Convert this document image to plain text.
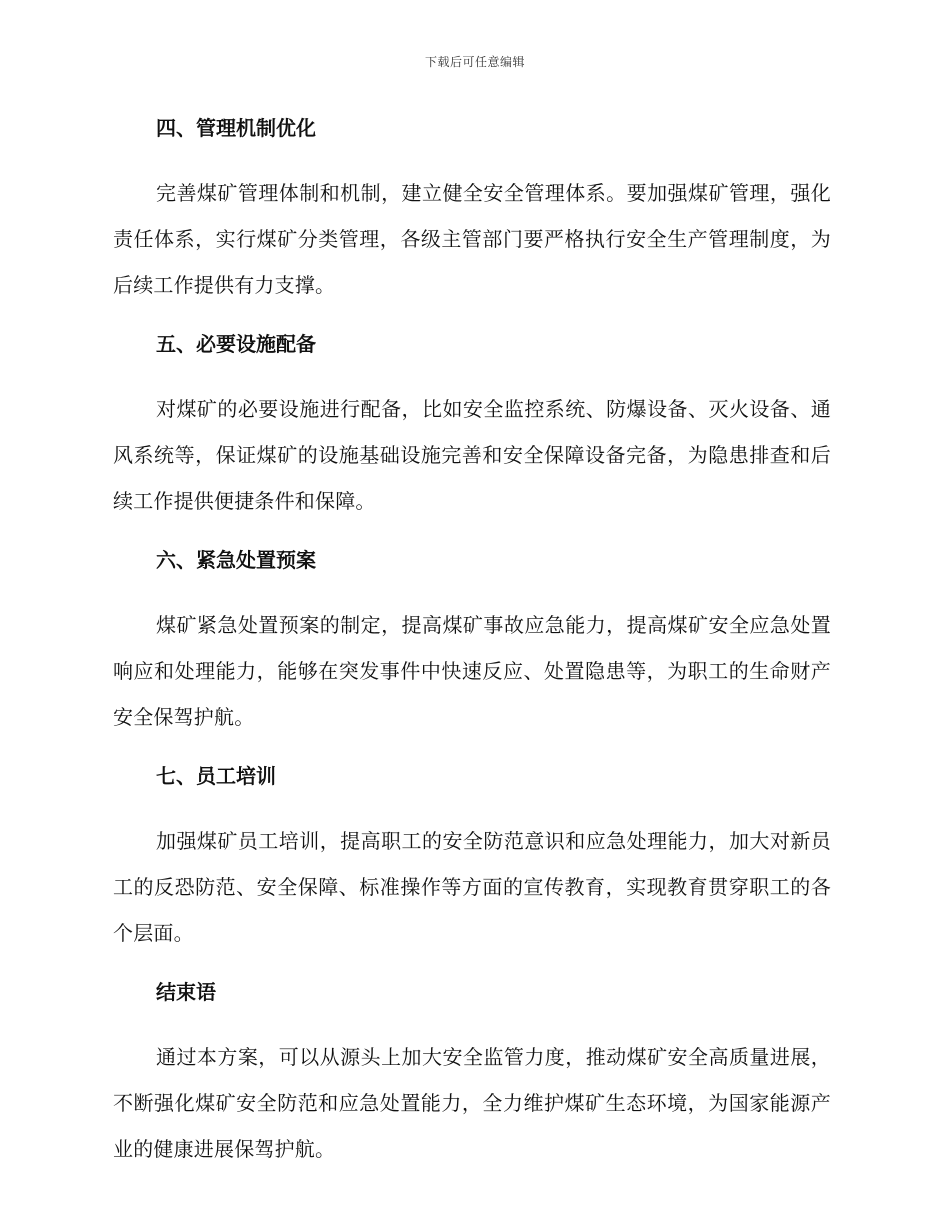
下载后可任意编辑
四、管理机制优化

完善煤矿管理体制和机制，建立健全安全管理体系。要加强煤矿管理，强化责任体系，实行煤矿分类管理，各级主管部门要严格执行安全生产管理制度，为后续工作提供有力支撑。

五、必要设施配备

对煤矿的必要设施进行配备，比如安全监控系统、防爆设备、灭火设备、通风系统等，保证煤矿的设施基础设施完善和安全保障设备完备，为隐患排查和后续工作提供便捷条件和保障。

六、紧急处置预案

煤矿紧急处置预案的制定，提高煤矿事故应急能力，提高煤矿安全应急处置响应和处理能力，能够在突发事件中快速反应、处置隐患等，为职工的生命财产安全保驾护航。

七、员工培训

加强煤矿员工培训，提高职工的安全防范意识和应急处理能力，加大对新员工的反恐防范、安全保障、标准操作等方面的宣传教育，实现教育贯穿职工的各个层面。

结束语

通过本方案，可以从源头上加大安全监管力度，推动煤矿安全高质量进展，不断强化煤矿安全防范和应急处置能力，全力维护煤矿生态环境，为国家能源产业的健康进展保驾护航。
